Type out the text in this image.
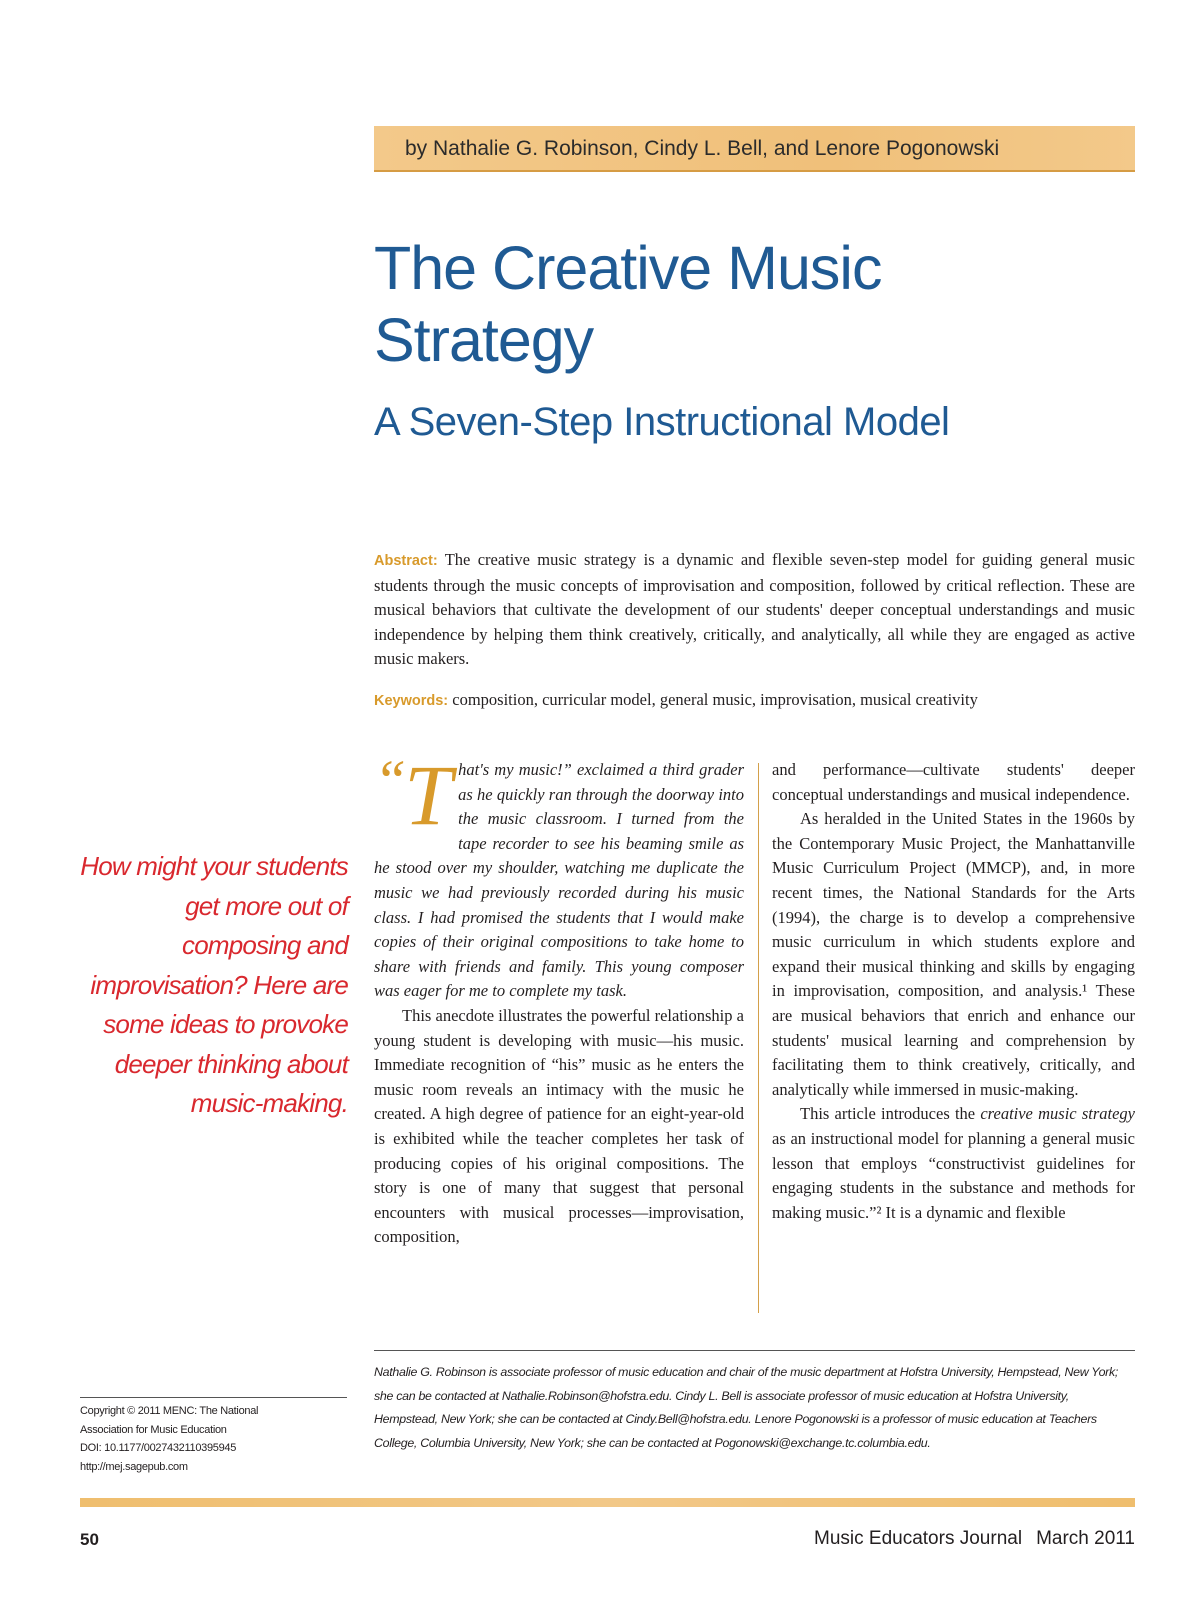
by Nathalie G. Robinson, Cindy L. Bell, and Lenore Pogonowski
The Creative Music
Strategy
A Seven-Step Instructional Model

Abstract: The creative music strategy is a dynamic and flexible seven-step model for guiding general music students through the music concepts of improvisation and composition, followed by critical reflection. These are musical behaviors that cultivate the development of our students' deeper conceptual understandings and music independence by helping them think creatively, critically, and analytically, all while they are engaged as active music makers.

Keywords: composition, curricular model, general music, improvisation, musical creativity

How might your students get more out of composing and improvisation? Here are some ideas to provoke deeper thinking about music-making.

“ T hat's my music!” exclaimed a third grader as he quickly ran through the doorway into the music classroom. I turned from the tape recorder to see his beaming smile as he stood over my shoulder, watching me duplicate the music we had previously recorded during his music class. I had promised the students that I would make copies of their original compositions to take home to share with friends and family. This young composer was eager for me to complete my task.

This anecdote illustrates the powerful relationship a young student is developing with music—his music. Immediate recognition of “his” music as he enters the music room reveals an intimacy with the music he created. A high degree of patience for an eight-year-old is exhibited while the teacher completes her task of producing copies of his original compositions. The story is one of many that suggest that personal encounters with musical processes—improvisation, composition,

and performance—cultivate students' deeper conceptual understandings and musical independence.

As heralded in the United States in the 1960s by the Contemporary Music Project, the Manhattanville Music Curriculum Project (MMCP), and, in more recent times, the National Standards for the Arts (1994), the charge is to develop a comprehensive music curriculum in which students explore and expand their musical thinking and skills by engaging in improvisation, composition, and analysis.¹ These are musical behaviors that enrich and enhance our students' musical learning and comprehension by facilitating them to think creatively, critically, and analytically while immersed in music-making.

This article introduces the creative music strategy as an instructional model for planning a general music lesson that employs “constructivist guidelines for engaging students in the substance and methods for making music.”² It is a dynamic and flexible

Nathalie G. Robinson is associate professor of music education and chair of the music department at Hofstra University, Hempstead, New York; she can be contacted at Nathalie.Robinson@hofstra.edu. Cindy L. Bell is associate professor of music education at Hofstra University, Hempstead, New York; she can be contacted at Cindy.Bell@hofstra.edu. Lenore Pogonowski is a professor of music education at Teachers College, Columbia University, New York; she can be contacted at Pogonowski@exchange.tc.columbia.edu.

Copyright © 2011 MENC: The National
Association for Music Education
DOI: 10.1177/0027432110395945
http://mej.sagepub.com
50	Music Educators Journal March 2011
